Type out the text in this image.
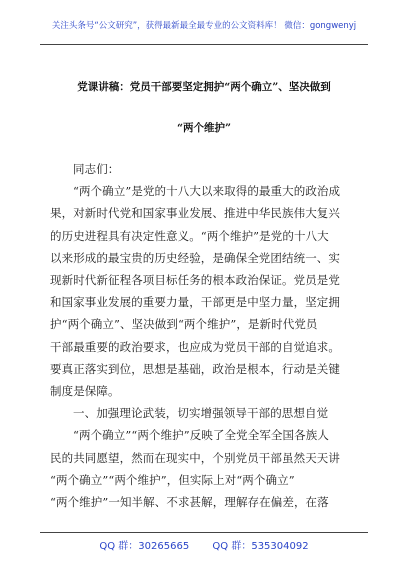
关注头条号“公文研究”，获得最新最全最专业的公文资料库！ 微信：gongwenyj
党课讲稿：党员干部要坚定拥护“两个确立”、坚决做到
“两个维护”
同志们：
“两个确立”是党的十八大以来取得的最重大的政治成
果，对新时代党和国家事业发展、推进中华民族伟大复兴
的历史进程具有决定性意义。“两个维护”是党的十八大
以来形成的最宝贵的历史经验，是确保全党团结统一、实
现新时代新征程各项目标任务的根本政治保证。党员是党
和国家事业发展的重要力量，干部更是中坚力量，坚定拥
护“两个确立”、坚决做到“两个维护”，是新时代党员
干部最重要的政治要求，也应成为党员干部的自觉追求。
要真正落实到位，思想是基础，政治是根本，行动是关键
制度是保障。
一、加强理论武装，切实增强领导干部的思想自觉
“两个确立”“两个维护”反映了全党全军全国各族人
民的共同愿望，然而在现实中，个别党员干部虽然天天讲
“两个确立”“两个维护”，但实际上对“两个确立”
“两个维护”一知半解、不求甚解，理解存在偏差，在落
QQ 群：30265665 QQ 群：535304092
